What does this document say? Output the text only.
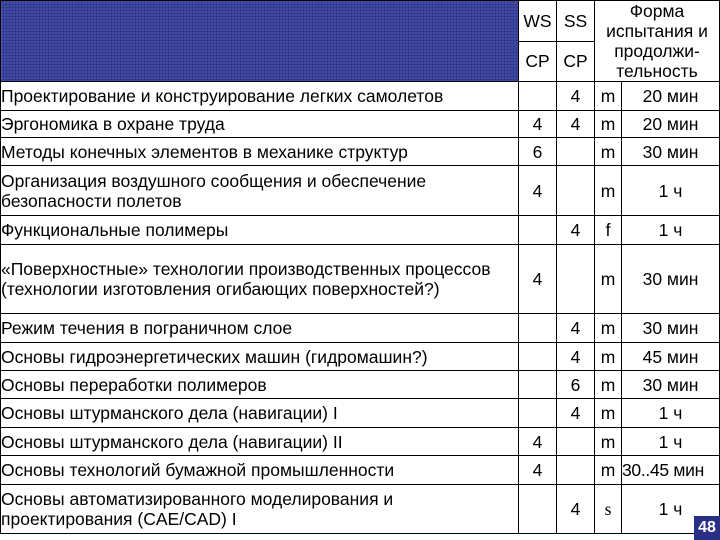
	WS	SS	Форма испытания и продолжи-тельность	
	CP	CP		
Проектирование и конструирование легких самолетов		4	m	20 мин
Эргономика в охране труда	4	4	m	20 мин
Методы конечных элементов в механике структур	6		m	30 мин
Организация воздушного сообщения и обеспечение безопасности полетов	4		m	1 ч
Функциональные полимеры		4	f	1 ч
«Поверхностные» технологии производственных процессов (технологии изготовления огибающих поверхностей?)	4		m	30 мин
Режим течения в пограничном слое		4	m	30 мин
Основы гидроэнергетических машин (гидромашин?)		4	m	45 мин
Основы переработки полимеров		6	m	30 мин
Основы штурманского дела (навигации) I		4	m	1 ч
Основы штурманского дела (навигации) II	4		m	1 ч
Основы технологий бумажной промышленности	4		m	30..45 мин
Основы автоматизированного моделирования и проектирования (CAE/CAD) I		4	s	1 ч
48
